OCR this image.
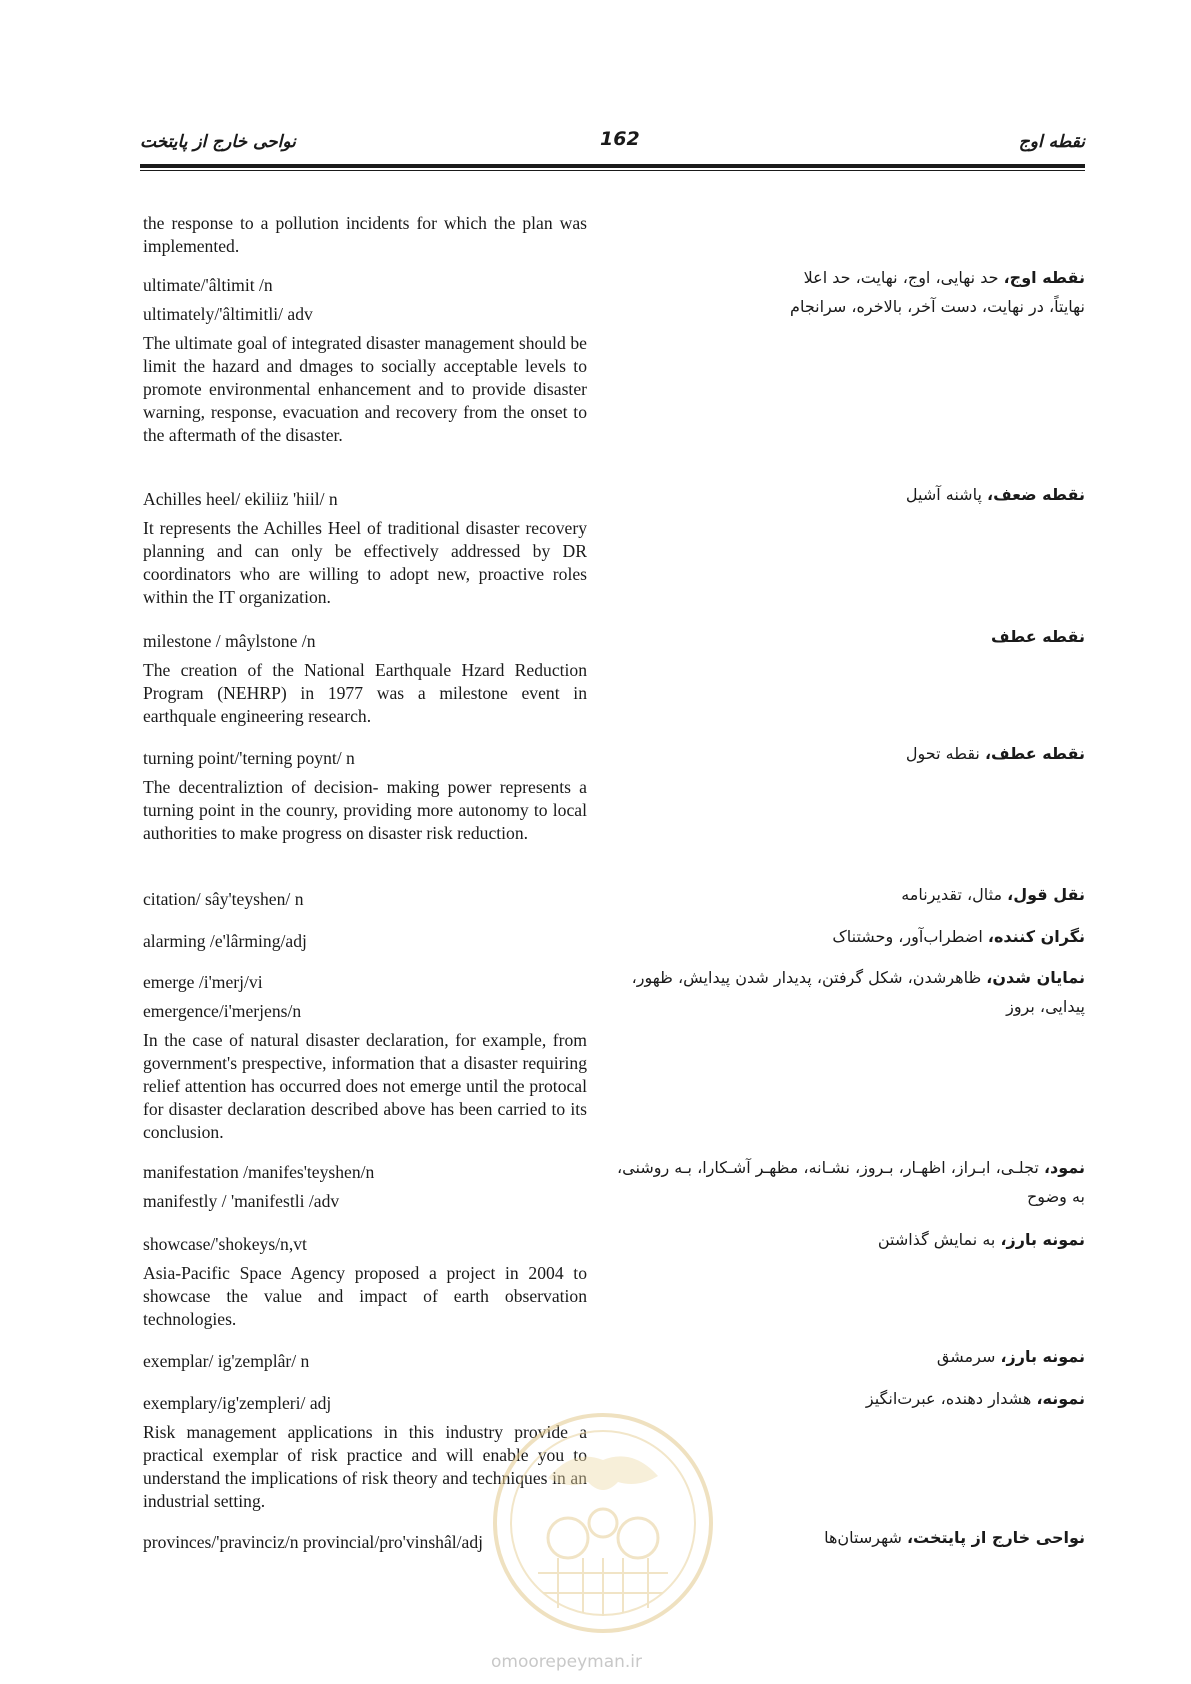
نواحی خارج از پایتخت	162	نقطه اوج
the response to a pollution incidents for which the plan was implemented.
ultimate/'âltimit /n
ultimately/'âltimitli/ adv
The ultimate goal of integrated disaster management should be limit the hazard and dmages to socially acceptable levels to promote environmental enhancement and to provide disaster warning, response, evacuation and recovery from the onset to the aftermath of the disaster.
نقطه اوج، حد نهایی، اوج، نهایت، حد اعلا
نهایتاً، در نهایت، دست آخر، بالاخره، سرانجام
Achilles heel/ ekiliiz 'hiil/ n
It represents the Achilles Heel of traditional disaster recovery planning and can only be effectively addressed by DR coordinators who are willing to adopt new, proactive roles within the IT organization.
نقطه ضعف، پاشنه آشیل
milestone / mâylstone /n
The creation of the National Earthquale Hzard Reduction Program (NEHRP) in 1977 was a milestone event in earthquale engineering research.
نقطه عطف
turning point/'terning poynt/ n
The decentraliztion of decision- making power represents a turning point in the counry, providing more autonomy to local authorities to make progress on disaster risk reduction.
نقطه عطف، نقطه تحول
citation/ sây'teyshen/ n	نقل قول، مثال، تقدیرنامه
alarming /e'lârming/adj	نگران کننده، اضطراب‌آور، وحشتناک
emerge /i'merj/vi
emergence/i'merjens/n
In the case of natural disaster declaration, for example, from government's prespective, information that a disaster requiring relief attention has occurred does not emerge until the protocal for disaster declaration described above has been carried to its conclusion.
نمایان شدن، ظاهرشدن، شکل گرفتن، پدیدار شدن پیدایش، ظهور، پیدایی، بروز
manifestation /manifes'teyshen/n
manifestly / 'manifestli /adv
نمود، تجلـی، ابـراز، اظهـار، بـروز، نشـانه، مظهـر آشـکارا، بـه روشنی، به وضوح
showcase/'shokeys/n,vt
Asia-Pacific Space Agency proposed a project in 2004 to showcase the value and impact of earth observation technologies.
نمونه بارز، به نمایش گذاشتن
exemplar/ ig'zemplâr/ n	نمونه بارز، سرمشق
exemplary/ig'zempleri/ adj
Risk management applications in this industry provide a practical exemplar of risk practice and will enable you to understand the implications of risk theory and techniques in an industrial setting.
نمونه، هشدار دهنده، عبرت‌انگیز
provinces/'pravinciz/n provincial/pro'vinshâl/adj	نواحی خارج از پایتخت، شهرستان‌ها
omoorepeyman.ir
